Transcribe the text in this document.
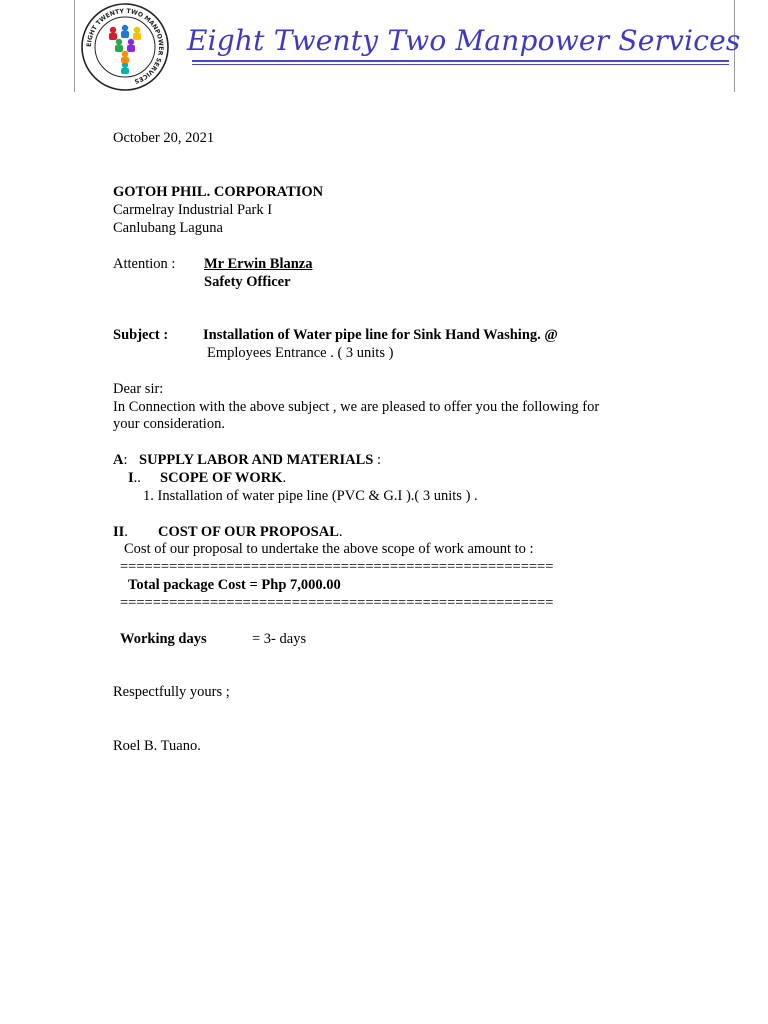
EIGHT TWENTY TWO MANPOWER SERVICES
Eight Twenty Two Manpower Services
October 20, 2021
GOTOH PHIL. CORPORATION
Carmelray Industrial Park I
Canlubang Laguna
Attention : Mr Erwin Blanza
Safety Officer
Subject : Installation of Water pipe line for Sink Hand Washing. @
Employees Entrance . ( 3 units )
Dear sir:
In Connection with the above subject , we are pleased to offer you the following for
your consideration.
A: SUPPLY LABOR AND MATERIALS :
I.. SCOPE OF WORK.
1. Installation of water pipe line (PVC & G.I ).( 3 units ) .
II. COST OF OUR PROPOSAL.
Cost of our proposal to undertake the above scope of work amount to :
=====================================================
Total package Cost = Php 7,000.00
=====================================================
Working days	= 3- days
Respectfully yours ;
Roel B. Tuano.
